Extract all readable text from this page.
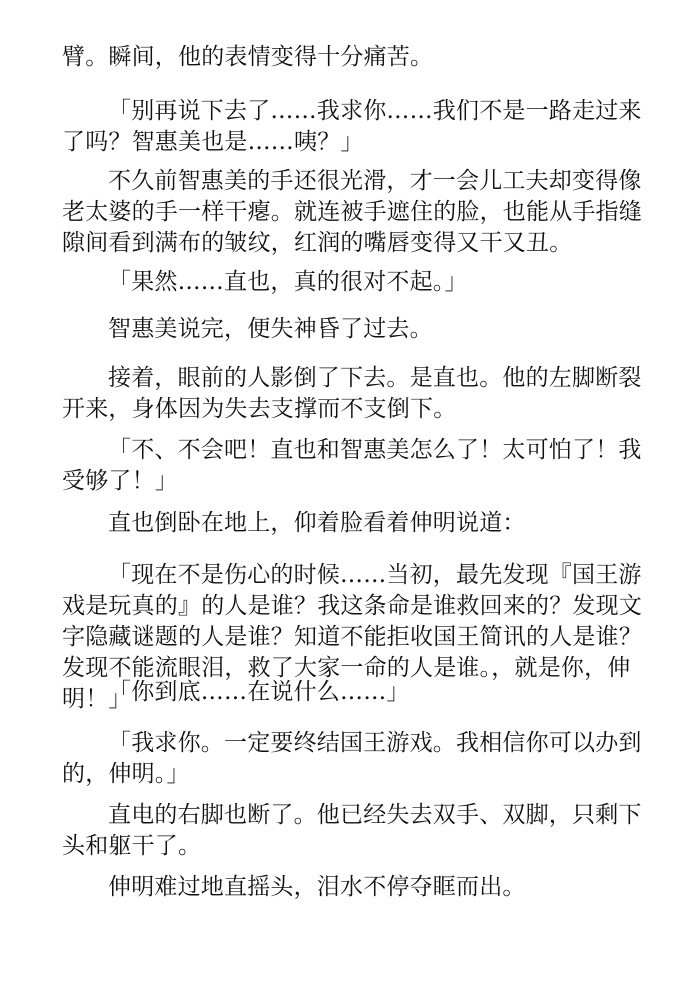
臂。瞬间，他的表情变得十分痛苦。

「别再说下去了……我求你……我们不是一路走过来了吗？智惠美也是……咦？」

不久前智惠美的手还很光滑，才一会儿工夫却变得像老太婆的手一样干瘪。就连被手遮住的脸，也能从手指缝隙间看到满布的皱纹，红润的嘴唇变得又干又丑。

「果然……直也，真的很对不起。」

智惠美说完，便失神昏了过去。

接着，眼前的人影倒了下去。是直也。他的左脚断裂开来，身体因为失去支撑而不支倒下。

「不、不会吧！直也和智惠美怎么了！太可怕了！我受够了！」

直也倒卧在地上，仰着脸看着伸明说道：

「现在不是伤心的时候……当初，最先发现『国王游戏是玩真的』的人是谁？我这条命是谁救回来的？发现文字隐藏谜题的人是谁？知道不能拒收国王简讯的人是谁？发现不能流眼泪，救了大家一命的人是谁。，就是你，伸明！」

「你到底……在说什么……」

「我求你。一定要终结国王游戏。我相信你可以办到的，伸明。」

直电的右脚也断了。他已经失去双手、双脚，只剩下头和躯干了。

伸明难过地直摇头，泪水不停夺眶而出。
